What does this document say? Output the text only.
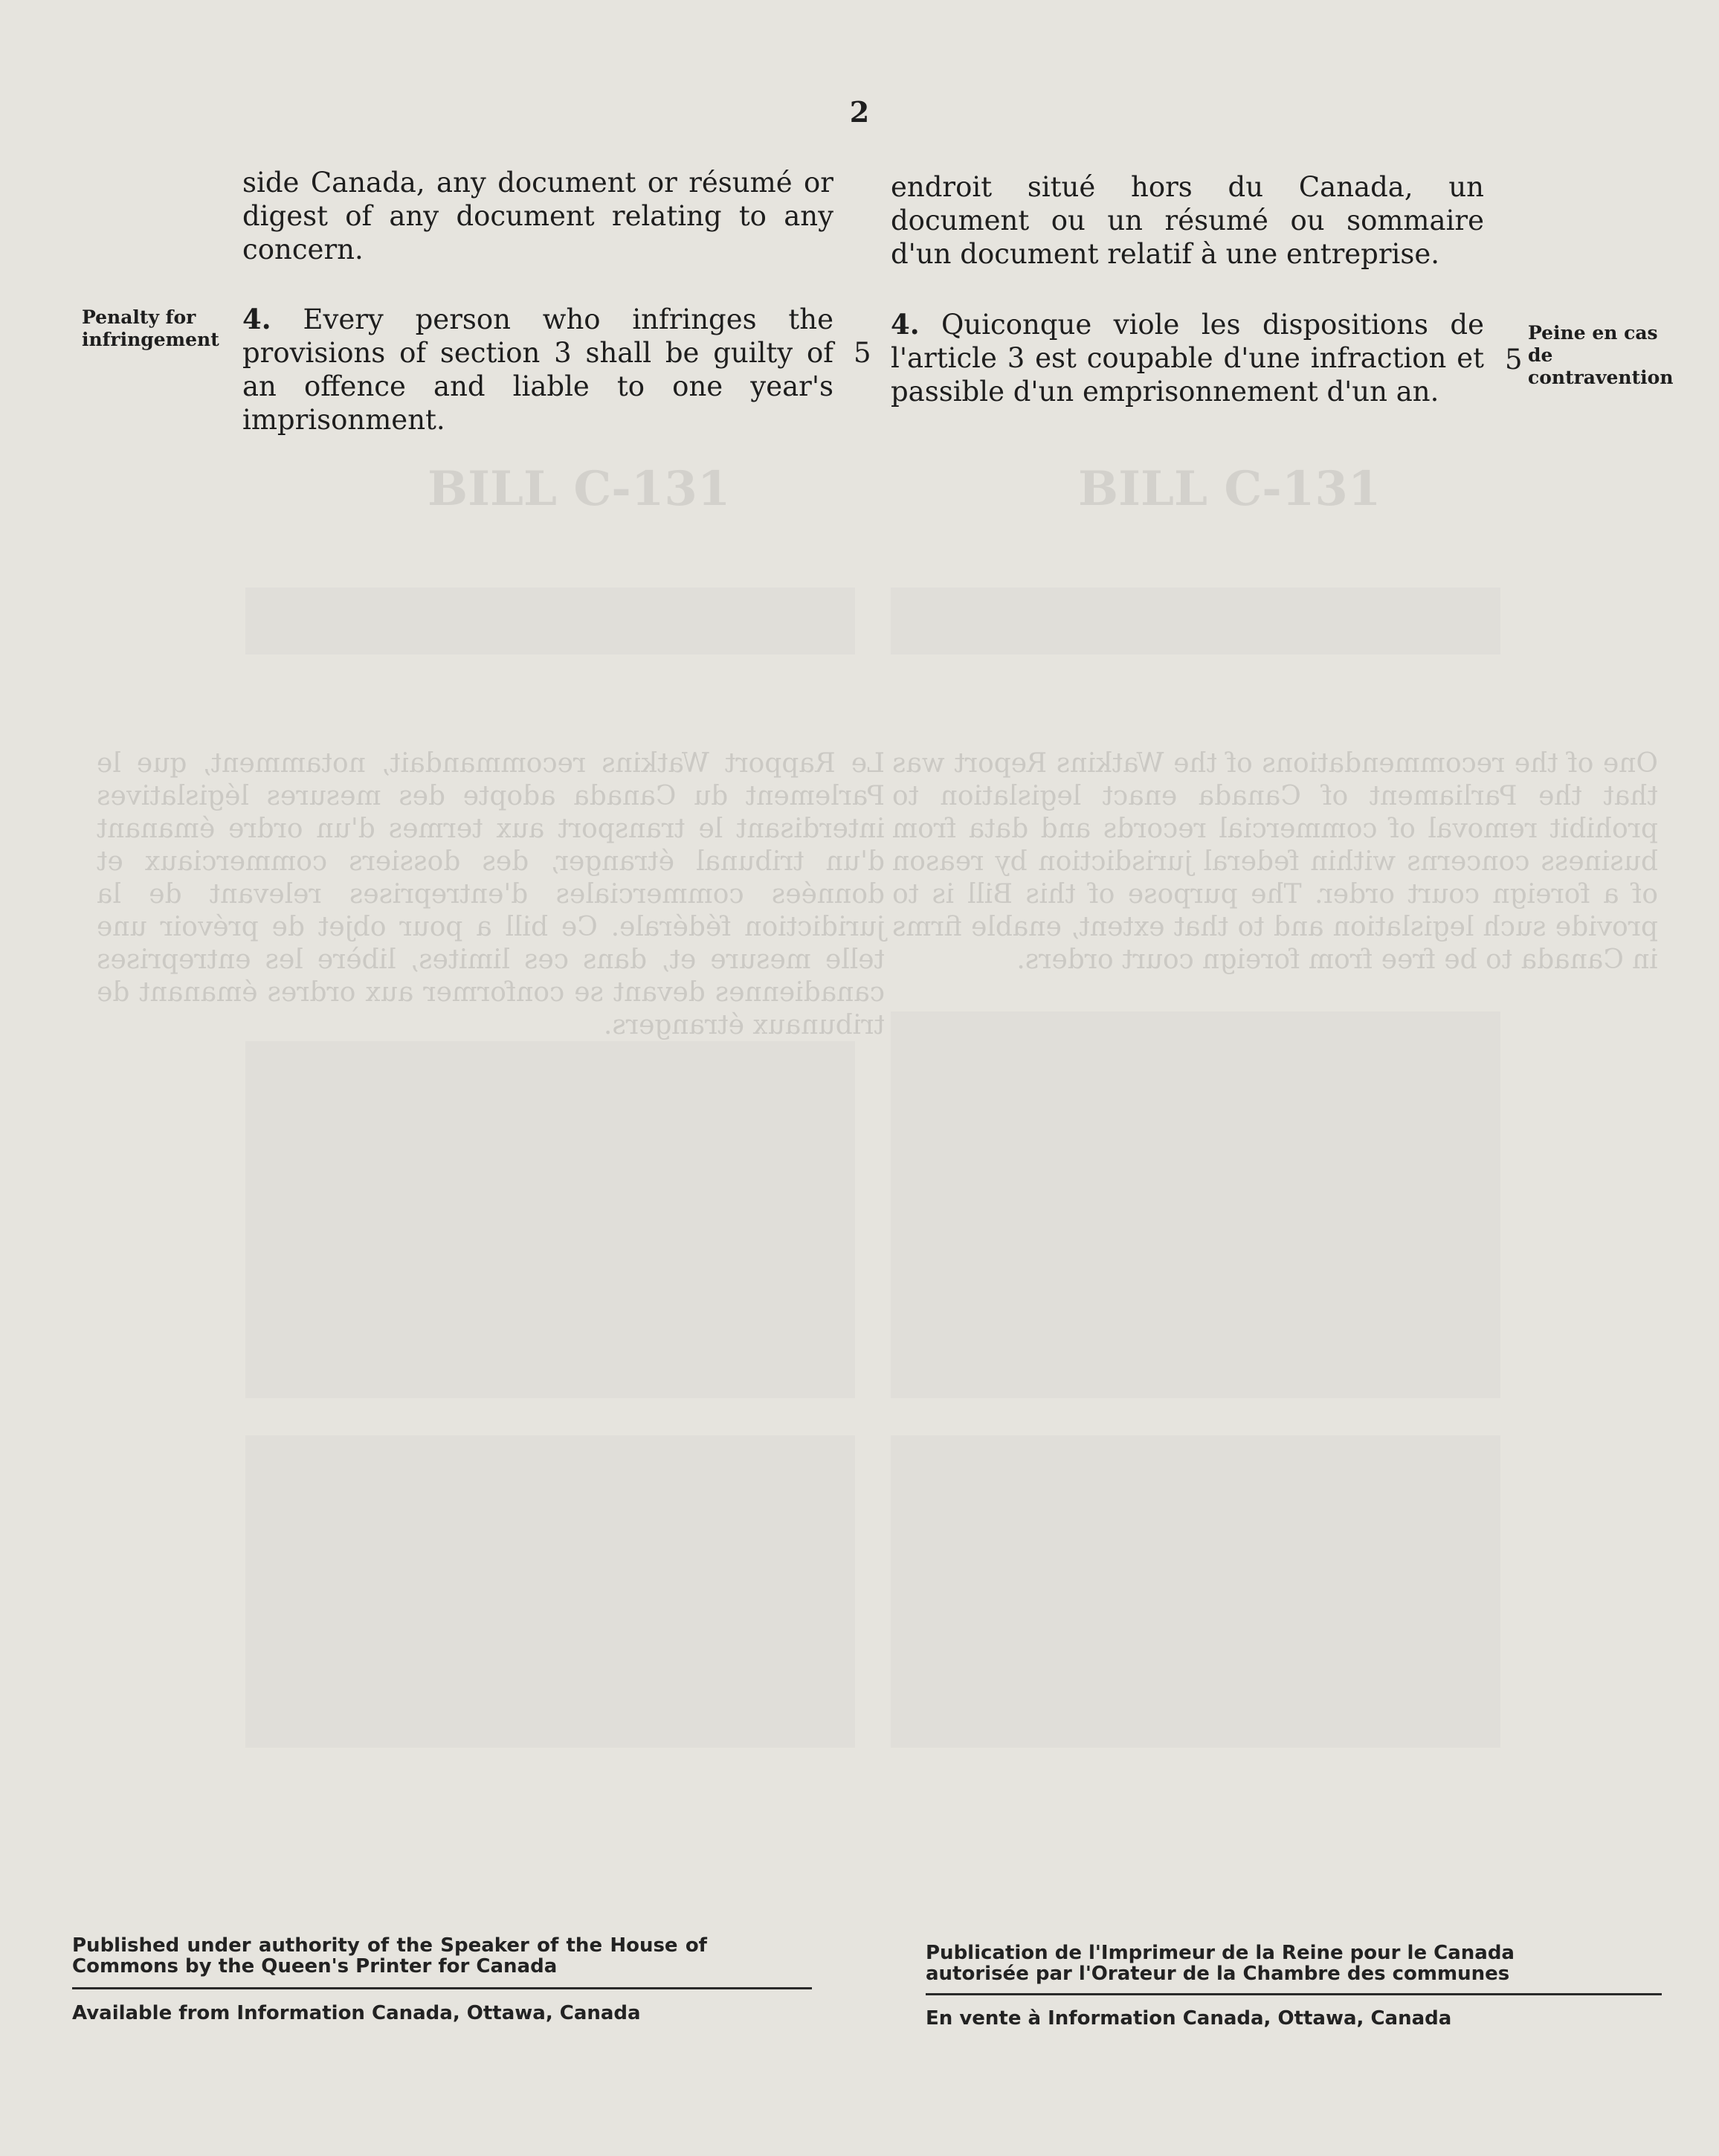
BILL C-131	BILL C-131
Le Rapport Watkins recommandait, notamment, que le Parlement du Canada adopte des mesures législatives interdisant le transport aux termes d'un ordre émanant d'un tribunal étranger, des dossiers commerciaux et données commerciales d'entreprises relevant de la juridiction fédérale. Ce bill a pour objet de prévoir une telle mesure et, dans ces limites, libère les entreprises canadiennes devant se conformer aux ordres émanant de tribunaux étrangers.
One of the recommendations of the Watkins Report was that the Parliament of Canada enact legislation to prohibit removal of commercial records and data from business concerns within federal jurisdiction by reason of a foreign court order. The purpose of this Bill is to provide such legislation and to that extent, enable firms in Canada to be free from foreign court orders.
2
side Canada, any document or résumé or digest of any document relating to any concern.
Penalty for infringement
4. Every person who infringes the provisions of section 3 shall be guilty of an offence and liable to one year's imprisonment.
5
endroit situé hors du Canada, un document ou un résumé ou sommaire d'un document relatif à une entreprise.
4. Quiconque viole les dispositions de l'article 3 est coupable d'une infraction et passible d'un emprisonnement d'un an.
5
Peine en cas de contravention
Published under authority of the Speaker of the House of Commons by the Queen's Printer for Canada
Available from Information Canada, Ottawa, Canada
Publication de l'Imprimeur de la Reine pour le Canada autorisée par l'Orateur de la Chambre des communes
En vente à Information Canada, Ottawa, Canada
